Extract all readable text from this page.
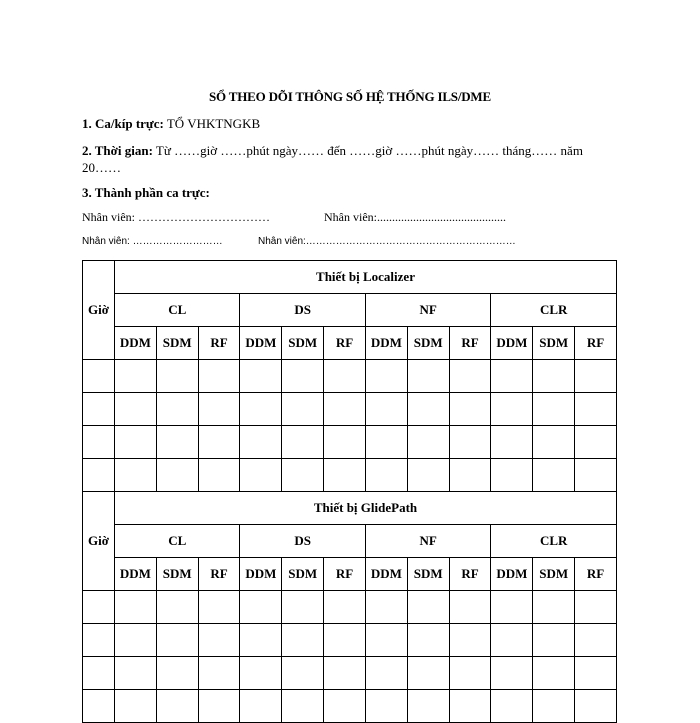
SỔ THEO DÕI THÔNG SỐ HỆ THỐNG ILS/DME
1. Ca/kíp trực: TỔ VHKTNGKB
2. Thời gian: Từ ……giờ ……phút ngày…… đến ……giờ ……phút ngày…… tháng…… năm 20……
3. Thành phần ca trực:
Nhân viên: ……………………………	Nhân viên:...........................................
Nhân viên: ………………………	Nhân viên:………………………………………………………
Giờ	Thiết bị Localizer											
	CL			DS			NF			CLR		
	DDM	SDM	RF	DDM	SDM	RF	DDM	SDM	RF	DDM	SDM	RF

Giờ	Thiết bị GlidePath											
	CL			DS			NF			CLR		
	DDM	SDM	RF	DDM	SDM	RF	DDM	SDM	RF	DDM	SDM	RF
